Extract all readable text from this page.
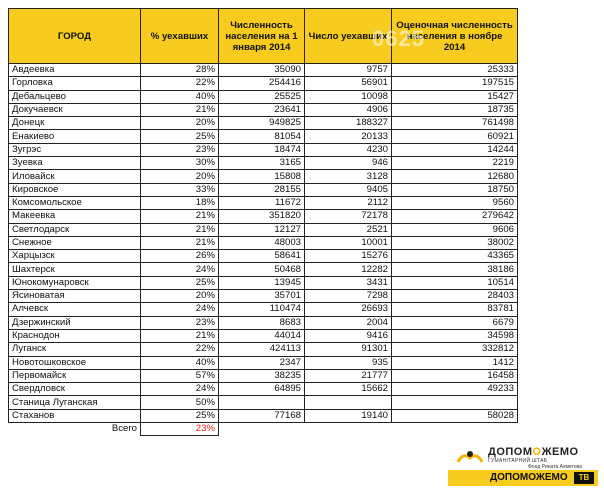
ГОРОД	% уехавших	Численность населения на 1 января 2014	Число уехавших	Оценочная численность населения в ноябре 2014
Авдеевка	28%	35090	9757	25333
Горловка	22%	254416	56901	197515
Дебальцево	40%	25525	10098	15427
Докучаевск	21%	23641	4906	18735
Донецк	20%	949825	188327	761498
Енакиево	25%	81054	20133	60921
Зугрэс	23%	18474	4230	14244
Зуевка	30%	3165	946	2219
Иловайск	20%	15808	3128	12680
Кировское	33%	28155	9405	18750
Комсомольское	18%	11672	2112	9560
Макеевка	21%	351820	72178	279642
Светлодарск	21%	12127	2521	9606
Снежное	21%	48003	10001	38002
Харцызск	26%	58641	15276	43365
Шахтерск	24%	50468	12282	38186
Юнокомунаровск	25%	13945	3431	10514
Ясиноватая	20%	35701	7298	28403
Алчевск	24%	110474	26693	83781
Дзержинский	23%	8683	2004	6679
Краснодон	21%	44014	9416	34598
Луганск	22%	424113	91301	332812
Новотошковское	40%	2347	935	1412
Первомайск	57%	38235	21777	16458
Свердловск	24%	64895	15662	49233
Станица Луганская	50%			
Стаханов	25%	77168	19140	58028
Всего	23%			
0625
ДОПОМOЖЕМО
ГУМАНІТАРНИЙ ШТАБ
Фонд Рината Ахметова
ДОПОМОЖЕМО	ТВ
